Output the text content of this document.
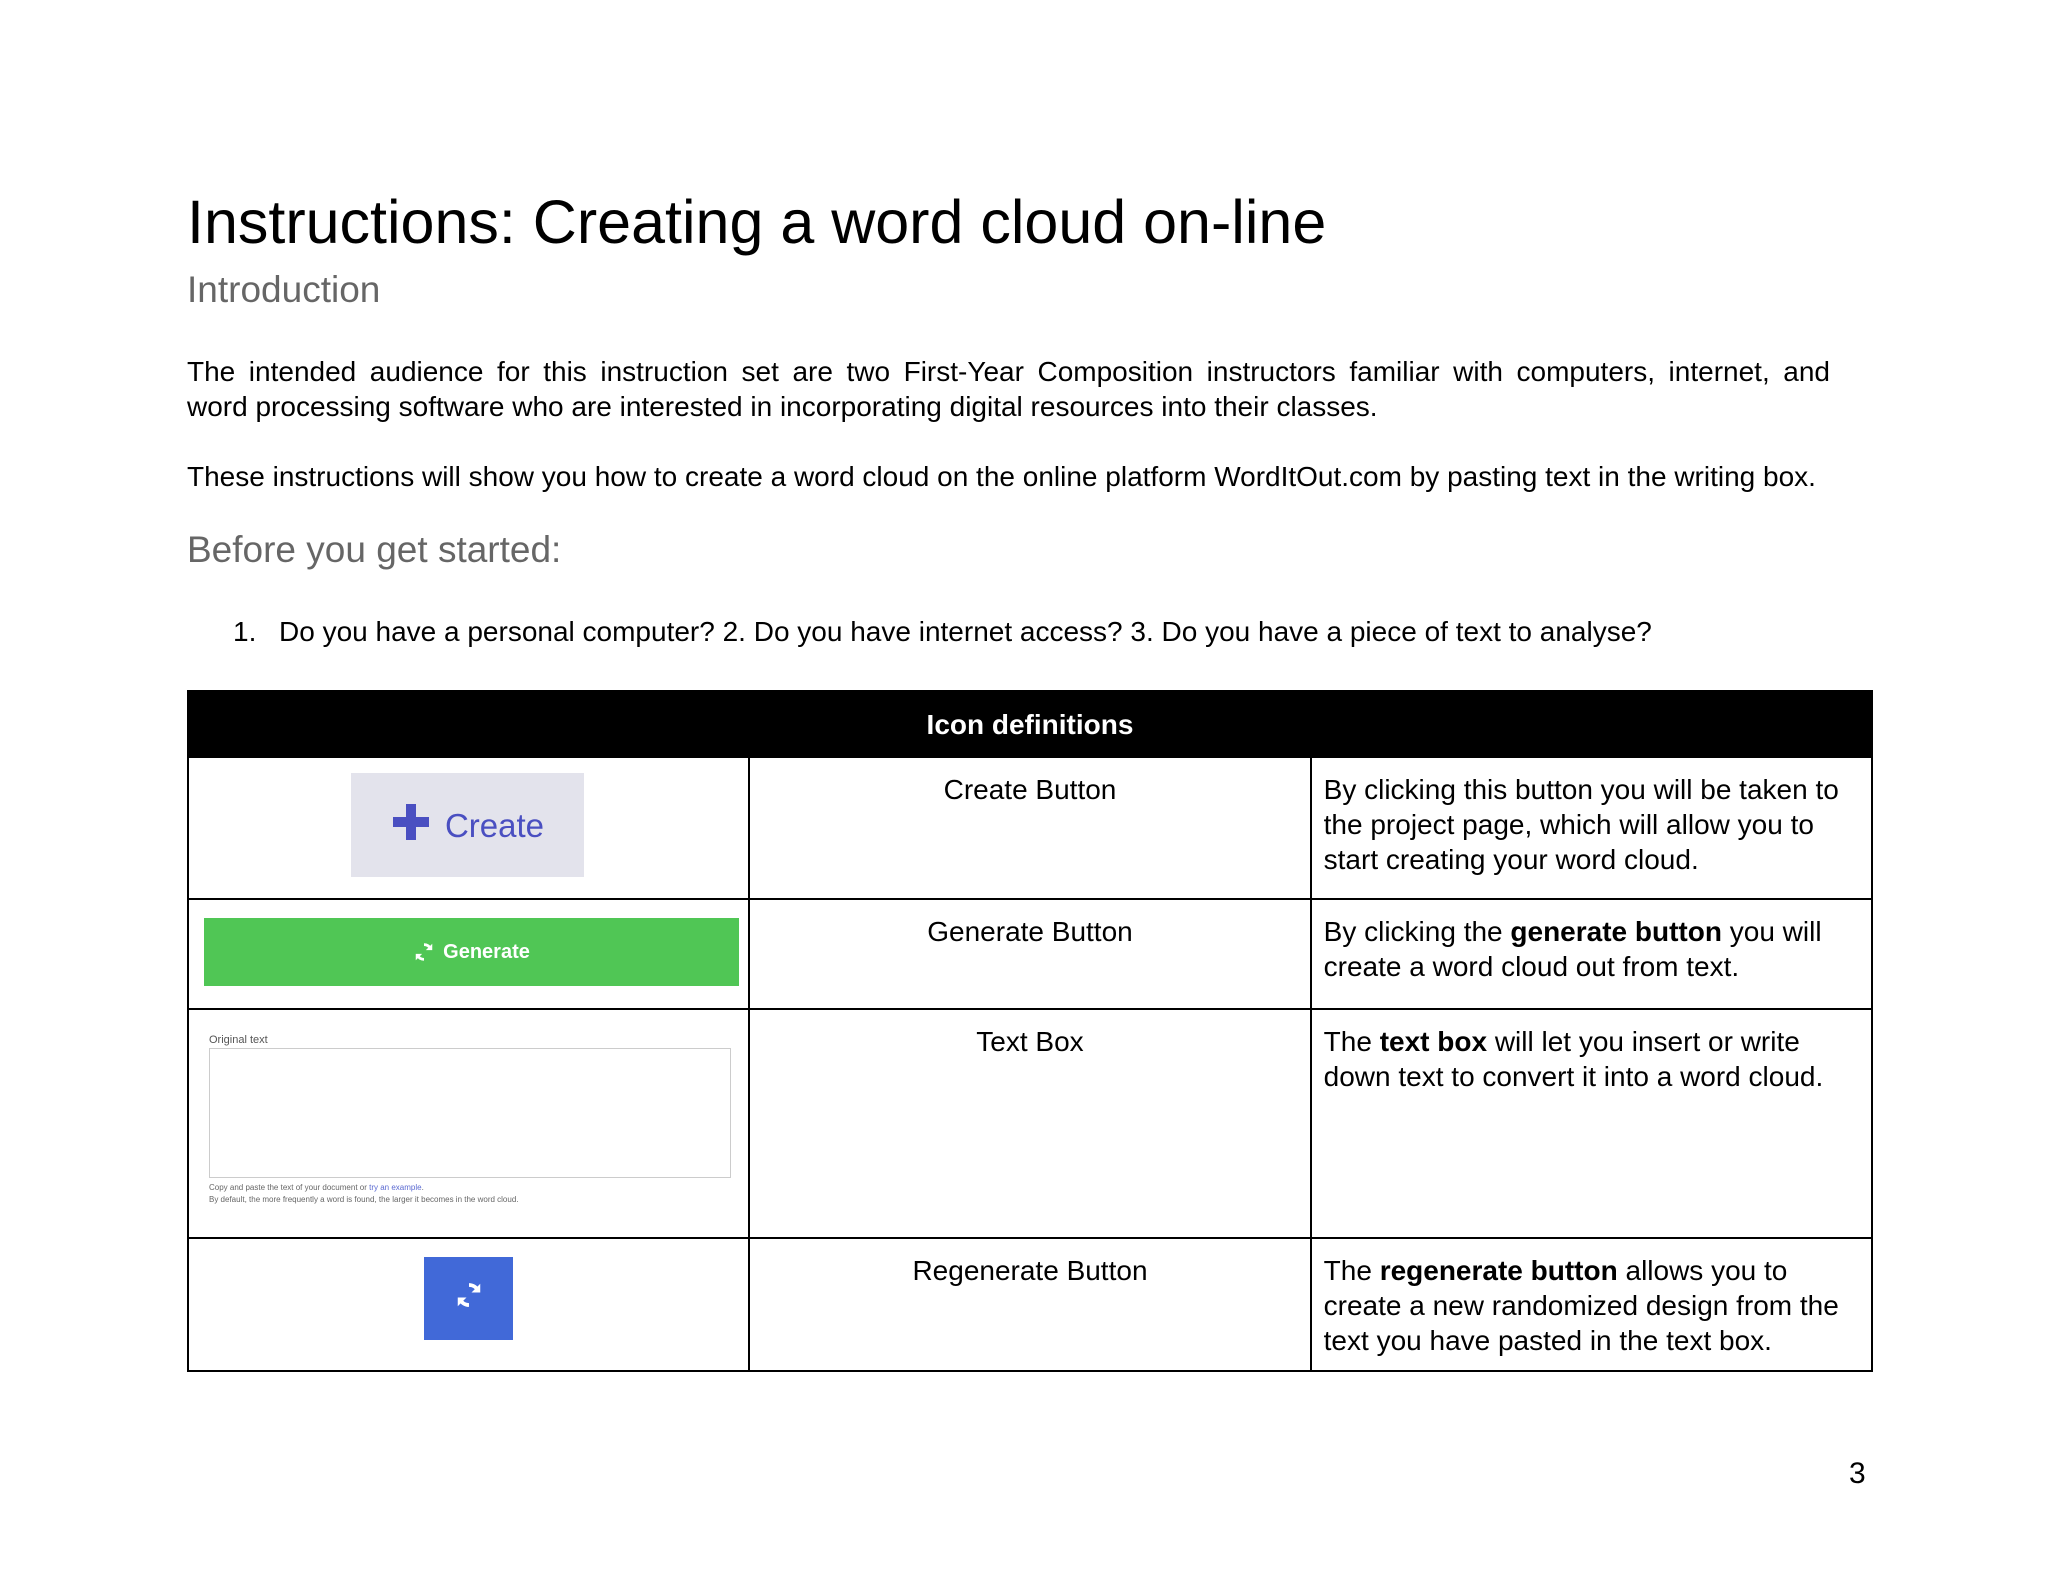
Instructions: Creating a word cloud on-line
Introduction
The intended audience for this instruction set are two First-Year Composition instructors familiar with computers, internet, and
word processing software who are interested in incorporating digital resources into their classes.
These instructions will show you how to create a word cloud on the online platform WordItOut.com by pasting text in the writing box.
Before you get started:
1. Do you have a personal computer? 2. Do you have internet access? 3. Do you have a piece of text to analyse?
Icon definitions		

Create	Create Button	By clicking this button you will be taken to the project page, which will allow you to start creating your word cloud.

Generate	Generate Button	By clicking the generate button you will create a word cloud out from text.

Original text
Copy and paste the text of your document or try an example.
By default, the more frequently a word is found, the larger it becomes in the word cloud.	Text Box	The text box will let you insert or write down text to convert it into a word cloud.

	Regenerate Button	The regenerate button allows you to create a new randomized design from the text you have pasted in the text box.
3
